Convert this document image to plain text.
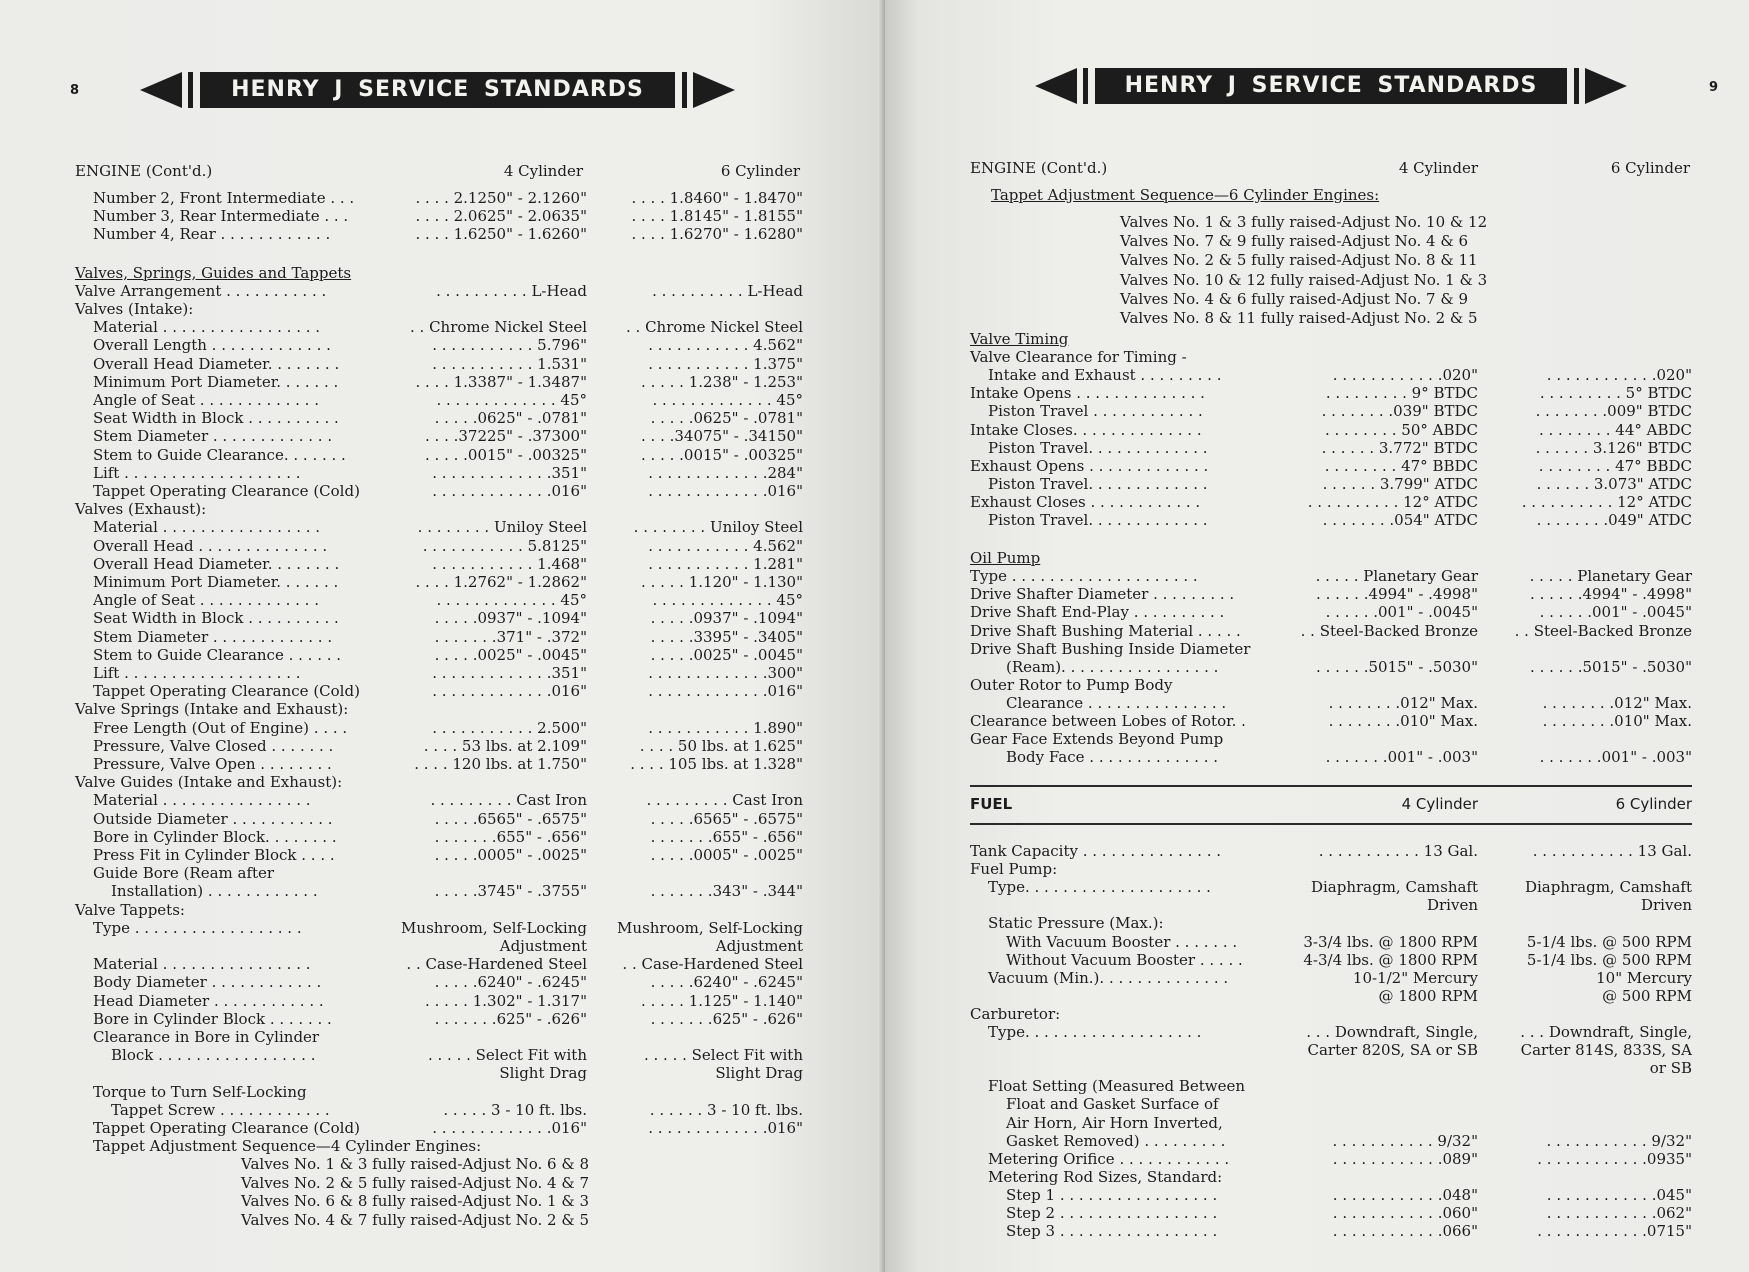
8	HENRY J SERVICE STANDARDS
ENGINE (Cont'd.)	4 Cylinder	6 Cylinder
Number 2, Front Intermediate . . .	. . . . 2.1250" - 2.1260"	. . . . 1.8460" - 1.8470"
Number 3, Rear Intermediate . . .	. . . . 2.0625" - 2.0635"	. . . . 1.8145" - 1.8155"
Number 4, Rear . . . . . . . . . . . .	. . . . 1.6250" - 1.6260"	. . . . 1.6270" - 1.6280"
Valves, Springs, Guides and Tappets
Valve Arrangement . . . . . . . . . . .	. . . . . . . . . . L-Head	. . . . . . . . . . L-Head
Valves (Intake):
Material . . . . . . . . . . . . . . . . .	. . Chrome Nickel Steel	. . Chrome Nickel Steel
Overall Length . . . . . . . . . . . . .	. . . . . . . . . . . 5.796"	. . . . . . . . . . . 4.562"
Overall Head Diameter. . . . . . . .	. . . . . . . . . . . 1.531"	. . . . . . . . . . . 1.375"
Minimum Port Diameter. . . . . . .	. . . . 1.3387" - 1.3487"	. . . . . 1.238" - 1.253"
Angle of Seat . . . . . . . . . . . . .	. . . . . . . . . . . . . 45°	. . . . . . . . . . . . . 45°
Seat Width in Block . . . . . . . . . .	. . . . .0625" - .0781"	. . . . .0625" - .0781"
Stem Diameter . . . . . . . . . . . . .	. . . .37225" - .37300"	. . . .34075" - .34150"
Stem to Guide Clearance. . . . . . .	. . . . .0015" - .00325"	. . . . .0015" - .00325"
Lift . . . . . . . . . . . . . . . . . . .	. . . . . . . . . . . . .351"	. . . . . . . . . . . . .284"
Tappet Operating Clearance (Cold)	. . . . . . . . . . . . .016"	. . . . . . . . . . . . .016"
Valves (Exhaust):
Material . . . . . . . . . . . . . . . . .	. . . . . . . . Uniloy Steel	. . . . . . . . Uniloy Steel
Overall Head . . . . . . . . . . . . . .	. . . . . . . . . . . 5.8125"	. . . . . . . . . . . 4.562"
Overall Head Diameter. . . . . . . .	. . . . . . . . . . . 1.468"	. . . . . . . . . . . 1.281"
Minimum Port Diameter. . . . . . .	. . . . 1.2762" - 1.2862"	. . . . . 1.120" - 1.130"
Angle of Seat . . . . . . . . . . . . .	. . . . . . . . . . . . . 45°	. . . . . . . . . . . . . 45°
Seat Width in Block . . . . . . . . . .	. . . . .0937" - .1094"	. . . . .0937" - .1094"
Stem Diameter . . . . . . . . . . . . .	. . . . . . .371" - .372"	. . . . .3395" - .3405"
Stem to Guide Clearance . . . . . .	. . . . .0025" - .0045"	. . . . .0025" - .0045"
Lift . . . . . . . . . . . . . . . . . . .	. . . . . . . . . . . . .351"	. . . . . . . . . . . . .300"
Tappet Operating Clearance (Cold)	. . . . . . . . . . . . .016"	. . . . . . . . . . . . .016"
Valve Springs (Intake and Exhaust):
Free Length (Out of Engine) . . . .	. . . . . . . . . . . 2.500"	. . . . . . . . . . . 1.890"
Pressure, Valve Closed . . . . . . .	. . . . 53 lbs. at 2.109"	. . . . 50 lbs. at 1.625"
Pressure, Valve Open . . . . . . . .	. . . . 120 lbs. at 1.750"	. . . . 105 lbs. at 1.328"
Valve Guides (Intake and Exhaust):
Material . . . . . . . . . . . . . . . .	. . . . . . . . . Cast Iron	. . . . . . . . . Cast Iron
Outside Diameter . . . . . . . . . . .	. . . . .6565" - .6575"	. . . . .6565" - .6575"
Bore in Cylinder Block. . . . . . . .	. . . . . . .655" - .656"	. . . . . . .655" - .656"
Press Fit in Cylinder Block . . . .	. . . . .0005" - .0025"	. . . . .0005" - .0025"
Guide Bore (Ream after
Installation) . . . . . . . . . . . .	. . . . .3745" - .3755"	. . . . . . .343" - .344"
Valve Tappets:
Type . . . . . . . . . . . . . . . . . .	Mushroom, Self-Locking	Mushroom, Self-Locking
Adjustment	Adjustment
Material . . . . . . . . . . . . . . . .	. . Case-Hardened Steel	. . Case-Hardened Steel
Body Diameter . . . . . . . . . . . .	. . . . .6240" - .6245"	. . . . .6240" - .6245"
Head Diameter . . . . . . . . . . . .	. . . . . 1.302" - 1.317"	. . . . . 1.125" - 1.140"
Bore in Cylinder Block . . . . . . .	. . . . . . .625" - .626"	. . . . . . .625" - .626"
Clearance in Bore in Cylinder
Block . . . . . . . . . . . . . . . . .	. . . . . Select Fit with	. . . . . Select Fit with
Slight Drag	Slight Drag
Torque to Turn Self-Locking
Tappet Screw . . . . . . . . . . . .	. . . . . 3 - 10 ft. lbs.	. . . . . . 3 - 10 ft. lbs.
Tappet Operating Clearance (Cold)	. . . . . . . . . . . . .016"	. . . . . . . . . . . . .016"
Tappet Adjustment Sequence—4 Cylinder Engines:
Valves No. 1 & 3 fully raised-Adjust No. 6 & 8
Valves No. 2 & 5 fully raised-Adjust No. 4 & 7
Valves No. 6 & 8 fully raised-Adjust No. 1 & 3
Valves No. 4 & 7 fully raised-Adjust No. 2 & 5
9
HENRY J SERVICE STANDARDS
ENGINE (Cont'd.)	4 Cylinder	6 Cylinder
Tappet Adjustment Sequence—6 Cylinder Engines:
Valves No. 1 & 3 fully raised-Adjust No. 10 & 12
Valves No. 7 & 9 fully raised-Adjust No. 4 & 6
Valves No. 2 & 5 fully raised-Adjust No. 8 & 11
Valves No. 10 & 12 fully raised-Adjust No. 1 & 3
Valves No. 4 & 6 fully raised-Adjust No. 7 & 9
Valves No. 8 & 11 fully raised-Adjust No. 2 & 5
Valve Timing
Valve Clearance for Timing -
Intake and Exhaust . . . . . . . . .	. . . . . . . . . . . .020"	. . . . . . . . . . . .020"
Intake Opens . . . . . . . . . . . . . .	. . . . . . . . . 9° BTDC	. . . . . . . . . 5° BTDC
Piston Travel . . . . . . . . . . . .	. . . . . . . .039" BTDC	. . . . . . . .009" BTDC
Intake Closes. . . . . . . . . . . . . .	. . . . . . . . 50° ABDC	. . . . . . . . 44° ABDC
Piston Travel. . . . . . . . . . . . .	. . . . . . 3.772" BTDC	. . . . . . 3.126" BTDC
Exhaust Opens . . . . . . . . . . . . .	. . . . . . . . 47° BBDC	. . . . . . . . 47° BBDC
Piston Travel. . . . . . . . . . . . .	. . . . . . 3.799" ATDC	. . . . . . 3.073" ATDC
Exhaust Closes . . . . . . . . . . . .	. . . . . . . . . . 12° ATDC	. . . . . . . . . . 12° ATDC
Piston Travel. . . . . . . . . . . . .	. . . . . . . .054" ATDC	. . . . . . . .049" ATDC
Oil Pump
Type . . . . . . . . . . . . . . . . . . . .	. . . . . Planetary Gear	. . . . . Planetary Gear
Drive Shafter Diameter . . . . . . . . .	. . . . . .4994" - .4998"	. . . . . .4994" - .4998"
Drive Shaft End-Play . . . . . . . . . .	. . . . . .001" - .0045"	. . . . . .001" - .0045"
Drive Shaft Bushing Material . . . . .	. . Steel-Backed Bronze	. . Steel-Backed Bronze
Drive Shaft Bushing Inside Diameter
(Ream). . . . . . . . . . . . . . . . .	. . . . . .5015" - .5030"	. . . . . .5015" - .5030"
Outer Rotor to Pump Body
Clearance . . . . . . . . . . . . . . .	. . . . . . . .012" Max.	. . . . . . . .012" Max.
Clearance between Lobes of Rotor. .	. . . . . . . .010" Max.	. . . . . . . .010" Max.
Gear Face Extends Beyond Pump
Body Face . . . . . . . . . . . . . .	. . . . . . .001" - .003"	. . . . . . .001" - .003"
FUEL	4 Cylinder	6 Cylinder
Tank Capacity . . . . . . . . . . . . . . .	. . . . . . . . . . . 13 Gal.	. . . . . . . . . . . 13 Gal.
Fuel Pump:
Type. . . . . . . . . . . . . . . . . . . .	Diaphragm, Camshaft	Diaphragm, Camshaft
Driven	Driven
Static Pressure (Max.):
With Vacuum Booster . . . . . . .	3-3/4 lbs. @ 1800 RPM	5-1/4 lbs. @ 500 RPM
Without Vacuum Booster . . . . .	4-3/4 lbs. @ 1800 RPM	5-1/4 lbs. @ 500 RPM
Vacuum (Min.). . . . . . . . . . . . . .	10-1/2" Mercury	10" Mercury
@ 1800 RPM	@ 500 RPM
Carburetor:
Type. . . . . . . . . . . . . . . . . . .	. . . Downdraft, Single,	. . . Downdraft, Single,
Carter 820S, SA or SB	Carter 814S, 833S, SA
or SB
Float Setting (Measured Between
Float and Gasket Surface of
Air Horn, Air Horn Inverted,
Gasket Removed) . . . . . . . . .	. . . . . . . . . . . 9/32"	. . . . . . . . . . . 9/32"
Metering Orifice . . . . . . . . . . . .	. . . . . . . . . . . .089"	. . . . . . . . . . . .0935"
Metering Rod Sizes, Standard:
Step 1 . . . . . . . . . . . . . . . . .	. . . . . . . . . . . .048"	. . . . . . . . . . . .045"
Step 2 . . . . . . . . . . . . . . . . .	. . . . . . . . . . . .060"	. . . . . . . . . . . .062"
Step 3 . . . . . . . . . . . . . . . . .	. . . . . . . . . . . .066"	. . . . . . . . . . . .0715"
